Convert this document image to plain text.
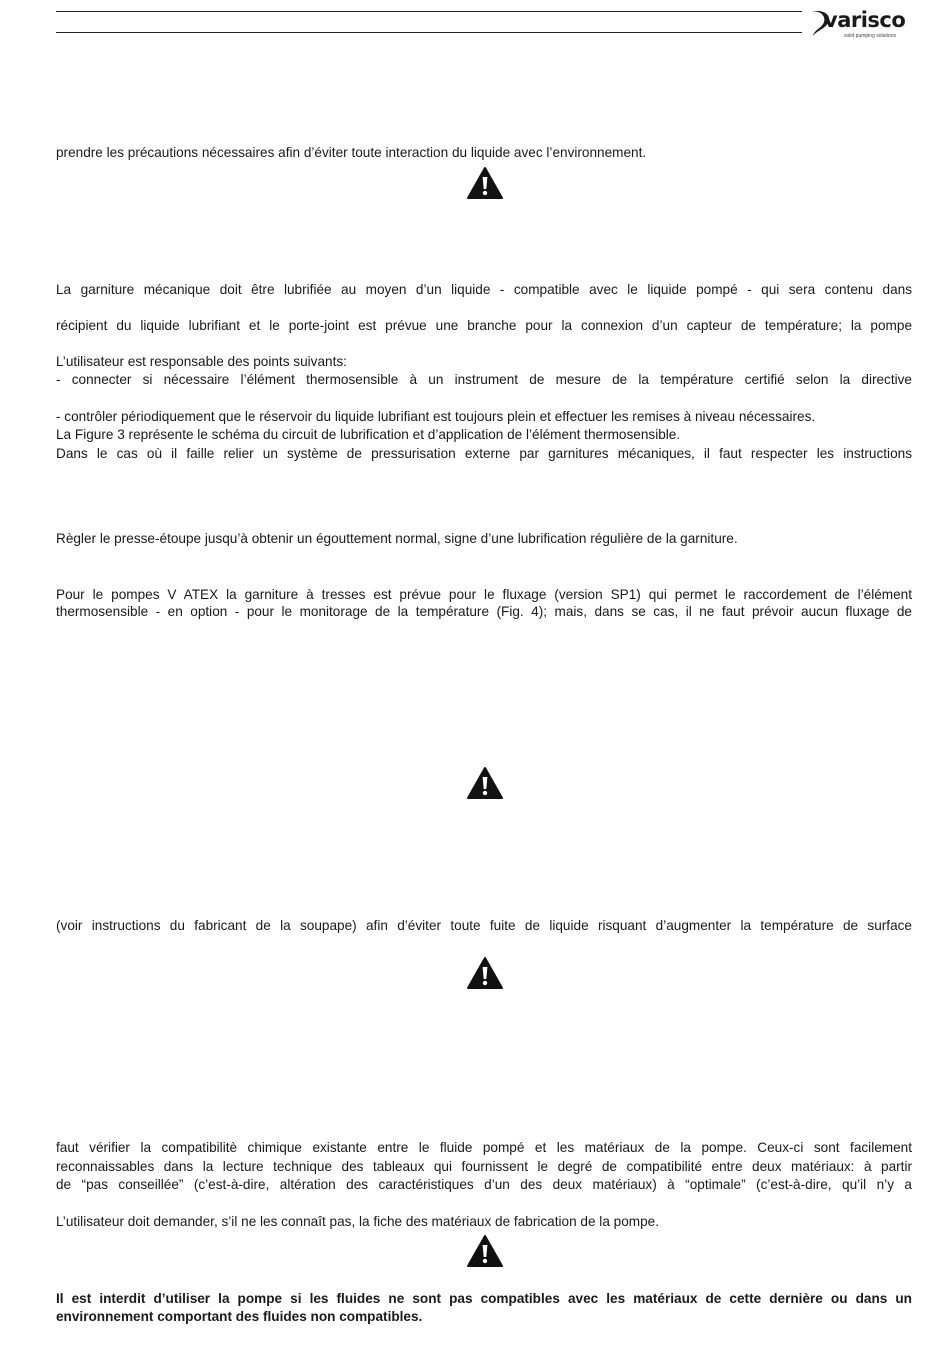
varisco
solid pumping solutions

prendre les précautions nécessaires afin d’éviter toute interaction du liquide avec l’environnement.

La garniture mécanique doit être lubrifiée au moyen d’un liquide - compatible avec le liquide pompé - qui sera contenu dans

récipient du liquide lubrifiant et le porte-joint est prévue une branche pour la connexion d’un capteur de température; la pompe

L’utilisateur est responsable des points suivants:

- connecter si nécessaire l’élément thermosensible à un instrument de mesure de la température certifié selon la directive

- contrôler périodiquement que le réservoir du liquide lubrifiant est toujours plein et effectuer les remises à niveau nécessaires.

La Figure 3 représente le schéma du circuit de lubrification et d’application de l’élément thermosensible.

Dans le cas où il faille relier un système de pressurisation externe par garnitures mécaniques, il faut respecter les instructions

Règler le presse-étoupe jusqu’à obtenir un égouttement normal, signe d’une lubrification régulière de la garniture.

Pour le pompes V ATEX la garniture à tresses est prévue pour le fluxage (version SP1) qui permet le raccordement de l’élément

thermosensible - en option - pour le monitorage de la température (Fig. 4); mais, dans se cas, il ne faut prévoir aucun fluxage de

(voir instructions du fabricant de la soupape) afin d’éviter toute fuite de liquide risquant d’augmenter la température de surface

faut vérifier la compatibilitè chimique existante entre le fluide pompé et les matériaux de la pompe. Ceux-ci sont facilement

reconnaissables dans la lecture technique des tableaux qui fournissent le degré de compatibilité entre deux matériaux: à partir

de “pas conseillée” (c’est-à-dire, altération des caractéristiques d’un des deux matériaux) à “optimale” (c’est-à-dire, qu’il n’y a

L’utilisateur doit demander, s’il ne les connaît pas, la fiche des matériaux de fabrication de la pompe.

Il est interdit d’utiliser la pompe si les fluides ne sont pas compatibles avec les matériaux de cette dernière ou dans un

environnement comportant des fluides non compatibles.
